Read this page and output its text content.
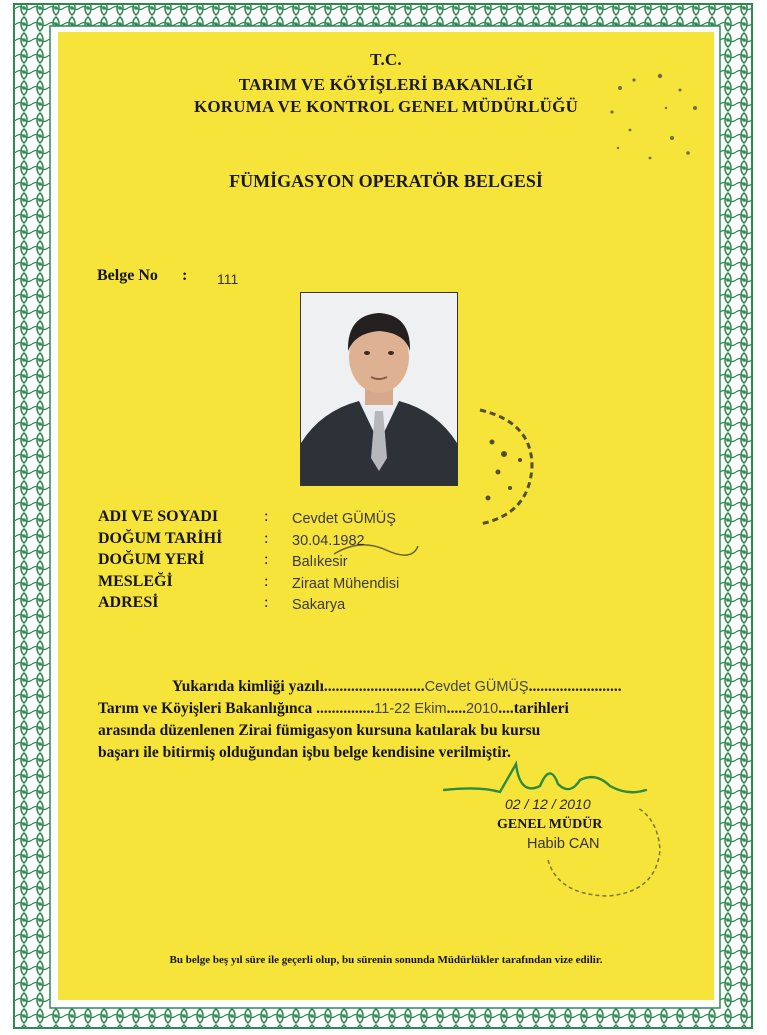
T.C.
TARIM VE KÖYİŞLERİ BAKANLIĞI
KORUMA VE KONTROL GENEL MÜDÜRLÜĞÜ
FÜMİGASYON OPERATÖR BELGESİ
Belge No : 111
ADI VE SOYADI	: Cevdet GÜMÜŞ
DOĞUM TARİHİ	: 30.04.1982
DOĞUM YERİ	: Balıkesir
MESLEĞİ	: Ziraat Mühendisi
ADRESİ	: Sakarya
Yukarıda kimliği yazılı..........................Cevdet GÜMÜŞ........................
Tarım ve Köyişleri Bakanlığınca ...............11-22 Ekim.....2010....tarihleri
arasında düzenlenen Zirai fümigasyon kursuna katılarak bu kursu
başarı ile bitirmiş olduğundan işbu belge kendisine verilmiştir.
02 / 12 / 2010
GENEL MÜDÜR
Habib CAN
Bu belge beş yıl süre ile geçerli olup, bu sürenin sonunda Müdürlükler tarafından vize edilir.
